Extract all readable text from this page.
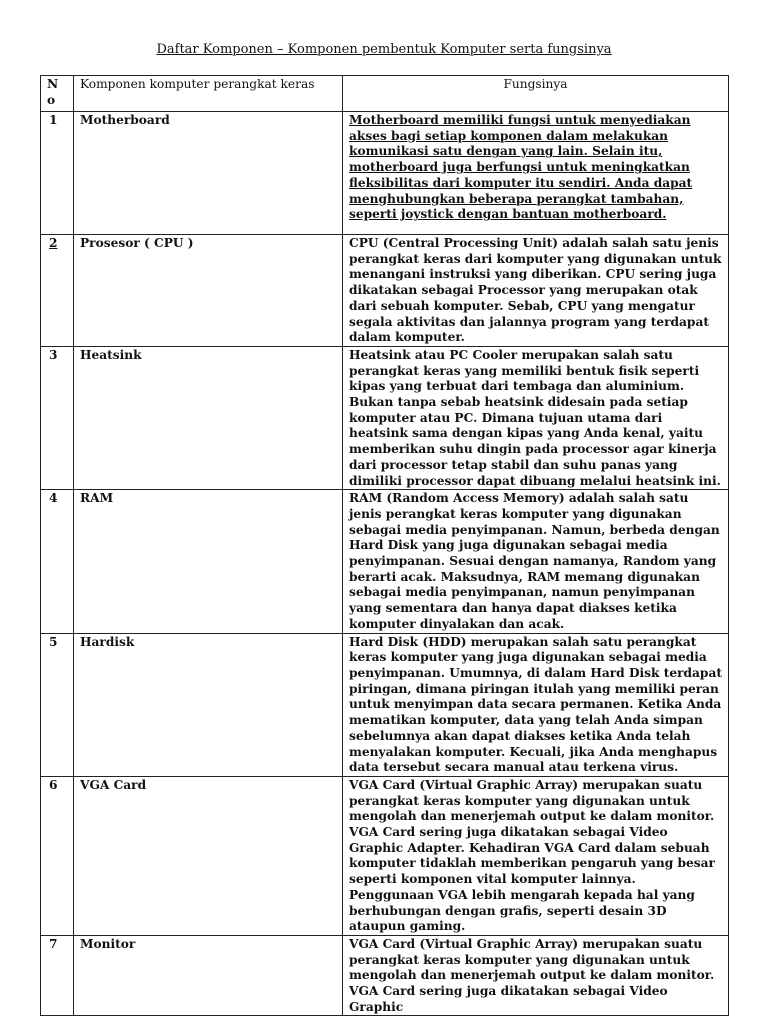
Daftar Komponen – Komponen pembentuk Komputer serta fungsinya
N o	Komponen komputer perangkat keras	Fungsinya
1	Motherboard	Motherboard memiliki fungsi untuk menyediakan akses bagi setiap komponen dalam melakukan komunikasi satu dengan yang lain. Selain itu, motherboard juga berfungsi untuk meningkatkan fleksibilitas dari komputer itu sendiri. Anda dapat menghubungkan beberapa perangkat tambahan, seperti joystick dengan bantuan motherboard.
2	Prosesor ( CPU )	CPU (Central Processing Unit) adalah salah satu jenis perangkat keras dari komputer yang digunakan untuk menangani instruksi yang diberikan. CPU sering juga dikatakan sebagai Processor yang merupakan otak dari sebuah komputer. Sebab, CPU yang mengatur segala aktivitas dan jalannya program yang terdapat dalam komputer.
3	Heatsink	Heatsink atau PC Cooler merupakan salah satu perangkat keras yang memiliki bentuk fisik seperti kipas yang terbuat dari tembaga dan aluminium. Bukan tanpa sebab heatsink didesain pada setiap komputer atau PC. Dimana tujuan utama dari heatsink sama dengan kipas yang Anda kenal, yaitu memberikan suhu dingin pada processor agar kinerja dari processor tetap stabil dan suhu panas yang dimiliki processor dapat dibuang melalui heatsink ini.
4	RAM	RAM (Random Access Memory) adalah salah satu jenis perangkat keras komputer yang digunakan sebagai media penyimpanan. Namun, berbeda dengan Hard Disk yang juga digunakan sebagai media penyimpanan. Sesuai dengan namanya, Random yang berarti acak. Maksudnya, RAM memang digunakan sebagai media penyimpanan, namun penyimpanan yang sementara dan hanya dapat diakses ketika komputer dinyalakan dan acak.
5	Hardisk	Hard Disk (HDD) merupakan salah satu perangkat keras komputer yang juga digunakan sebagai media penyimpanan. Umumnya, di dalam Hard Disk terdapat piringan, dimana piringan itulah yang memiliki peran untuk menyimpan data secara permanen. Ketika Anda mematikan komputer, data yang telah Anda simpan sebelumnya akan dapat diakses ketika Anda telah menyalakan komputer. Kecuali, jika Anda menghapus data tersebut secara manual atau terkena virus.
6	VGA Card	VGA Card (Virtual Graphic Array) merupakan suatu perangkat keras komputer yang digunakan untuk mengolah dan menerjemah output ke dalam monitor. VGA Card sering juga dikatakan sebagai Video Graphic Adapter. Kehadiran VGA Card dalam sebuah komputer tidaklah memberikan pengaruh yang besar seperti komponen vital komputer lainnya. Penggunaan VGA lebih mengarah kepada hal yang berhubungan dengan grafis, seperti desain 3D ataupun gaming.
7	Monitor	VGA Card (Virtual Graphic Array) merupakan suatu perangkat keras komputer yang digunakan untuk mengolah dan menerjemah output ke dalam monitor. VGA Card sering juga dikatakan sebagai Video Graphic
